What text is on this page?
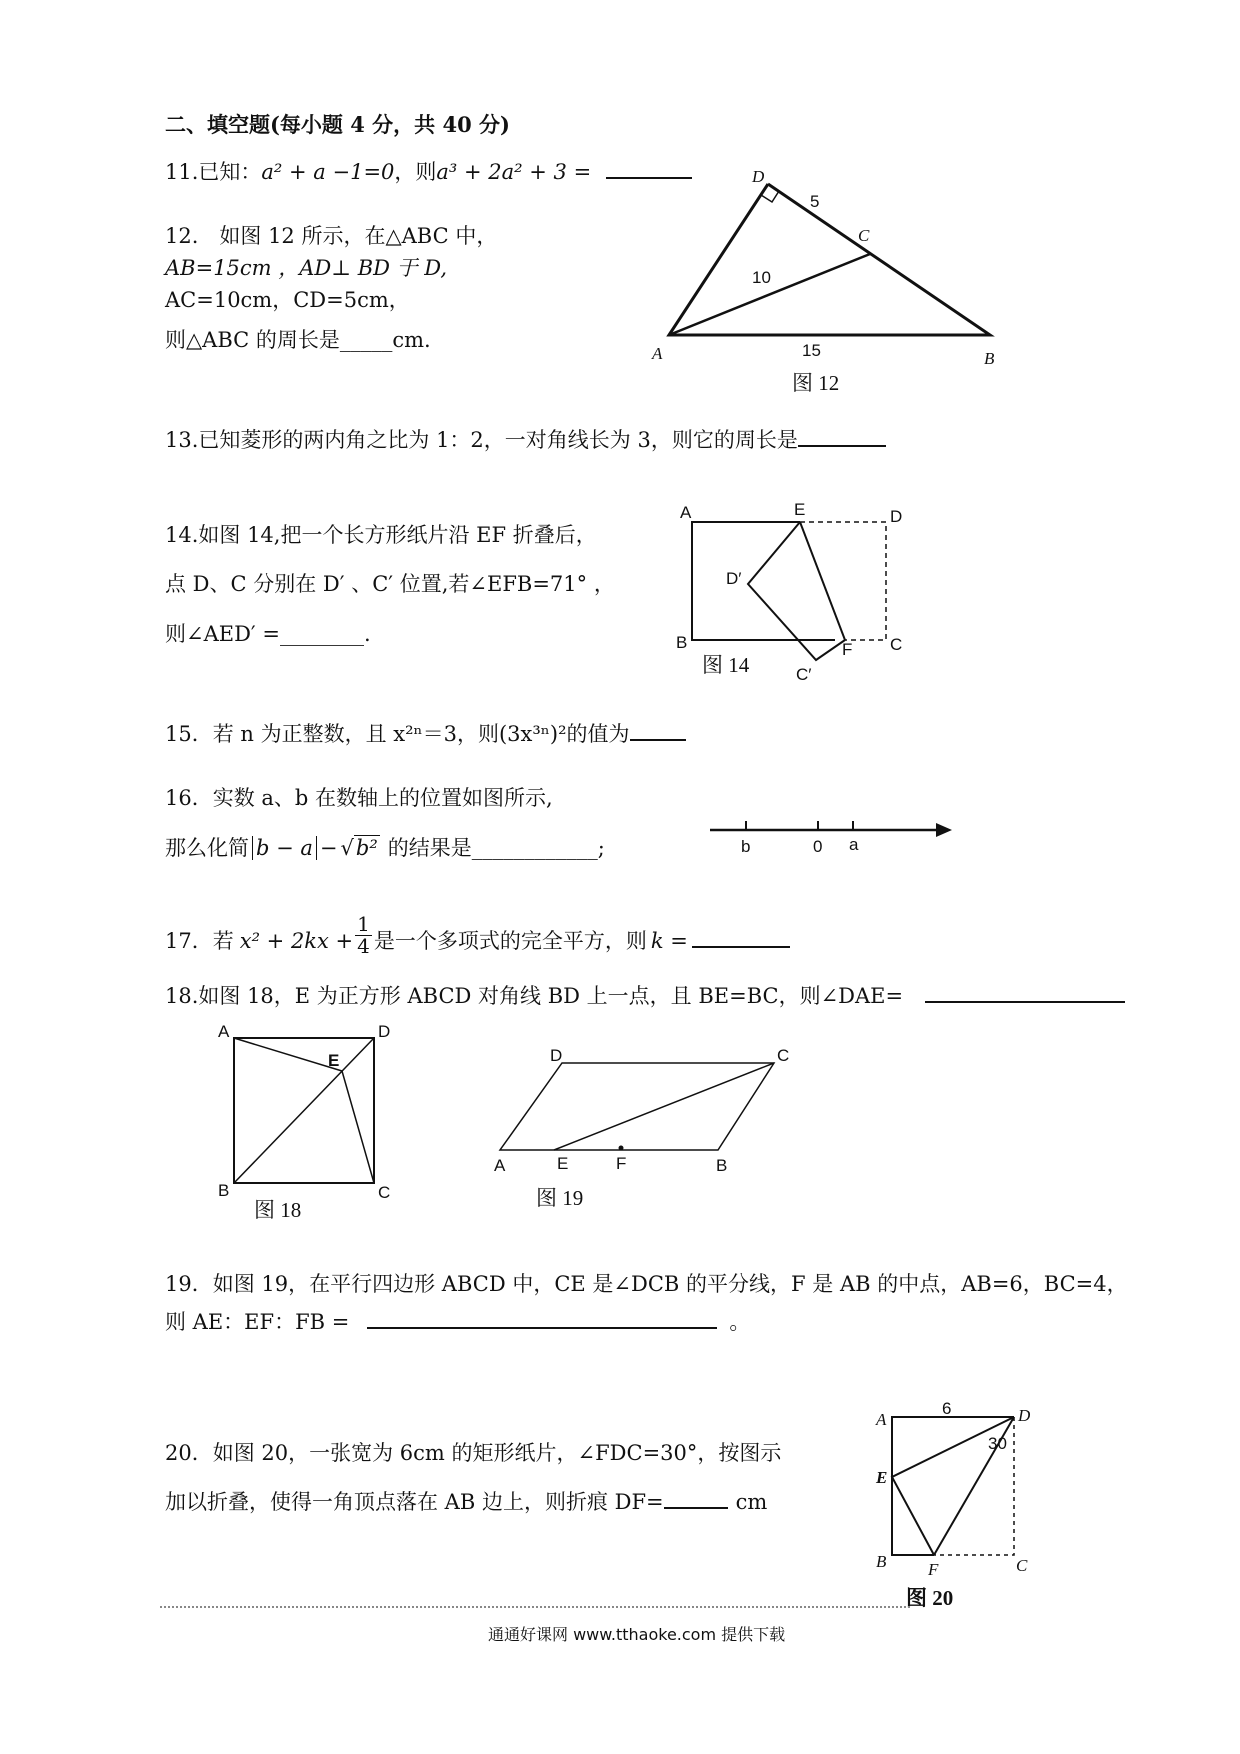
二、填空题(每小题 4 分，共 40 分)
11.已知：a² + a −1=0，则a³ + 2a² + 3 =
12.　如图 12 所示，在△ABC 中，
AB=15cm ，AD⊥ BD 于 D,
AC=10cm，CD=5cm，
则△ABC 的周长是_____cm.
D
5
C
10
A	15	B
图 12
13.已知菱形的两内角之比为 1：2，一对角线长为 3，则它的周长是
14.如图 14,把一个长方形纸片沿 EF 折叠后，
点 D、C 分别在 D′ 、C′ 位置,若∠EFB=71° ，
则∠AED′ =________.
A	E	D
D′
B	F C
C′
图 14
15．若 n 为正整数，且 x²ⁿ＝3，则(3x³ⁿ)²的值为
16．实数 a、b 在数轴上的位置如图所示,
那么化简 b − a − √b² 的结果是____________;	b	0 a
17．若 $x^2 + 2kx + \frac{1}{4}$ 是一个多项式的完全平方，则 k =
18.如图 18，E 为正方形 ABCD 对角线 BD 上一点，且 BE=BC，则∠DAE=
A	D
E
B	C
图 18
D	C
A	E	F	B
图 19
19．如图 19，在平行四边形 ABCD 中，CE 是∠DCB 的平分线，F 是 AB 的中点，AB=6，BC=4，
则 AE：EF：FB =	。
20．如图 20，一张宽为 6cm 的矩形纸片，∠FDC=30°，按图示
加以折叠，使得一角顶点落在 AB 边上，则折痕 DF=	cm
A
6	D
30
E
B F	C
图 20
通通好课网 www.tthaoke.com 提供下载
